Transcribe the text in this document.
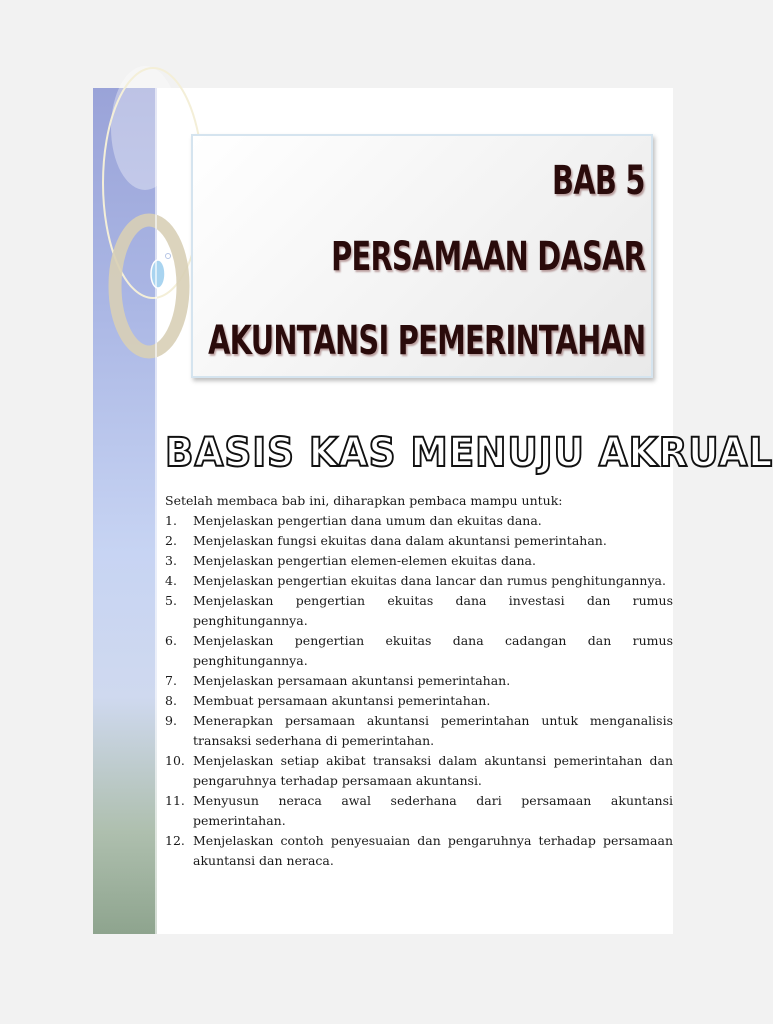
BAB 5
PERSAMAAN DASAR
AKUNTANSI PEMERINTAHAN
BASIS KAS MENUJU AKRUAL

Setelah membaca bab ini, diharapkan pembaca mampu untuk:

1. Menjelaskan pengertian dana umum dan ekuitas dana.
2. Menjelaskan fungsi ekuitas dana dalam akuntansi pemerintahan.
3. Menjelaskan pengertian elemen-elemen ekuitas dana.
4. Menjelaskan pengertian ekuitas dana lancar dan rumus penghitungannya.
5. Menjelaskan pengertian ekuitas dana investasi dan rumus penghitungannya.
6. Menjelaskan pengertian ekuitas dana cadangan dan rumus penghitungannya.
7. Menjelaskan persamaan akuntansi pemerintahan.
8. Membuat persamaan akuntansi pemerintahan.
9. Menerapkan persamaan akuntansi pemerintahan untuk menganalisis transaksi sederhana di pemerintahan.
10. Menjelaskan setiap akibat transaksi dalam akuntansi pemerintahan dan pengaruhnya terhadap persamaan akuntansi.
11. Menyusun neraca awal sederhana dari persamaan akuntansi pemerintahan.
12. Menjelaskan contoh penyesuaian dan pengaruhnya terhadap persamaan akuntansi dan neraca.
